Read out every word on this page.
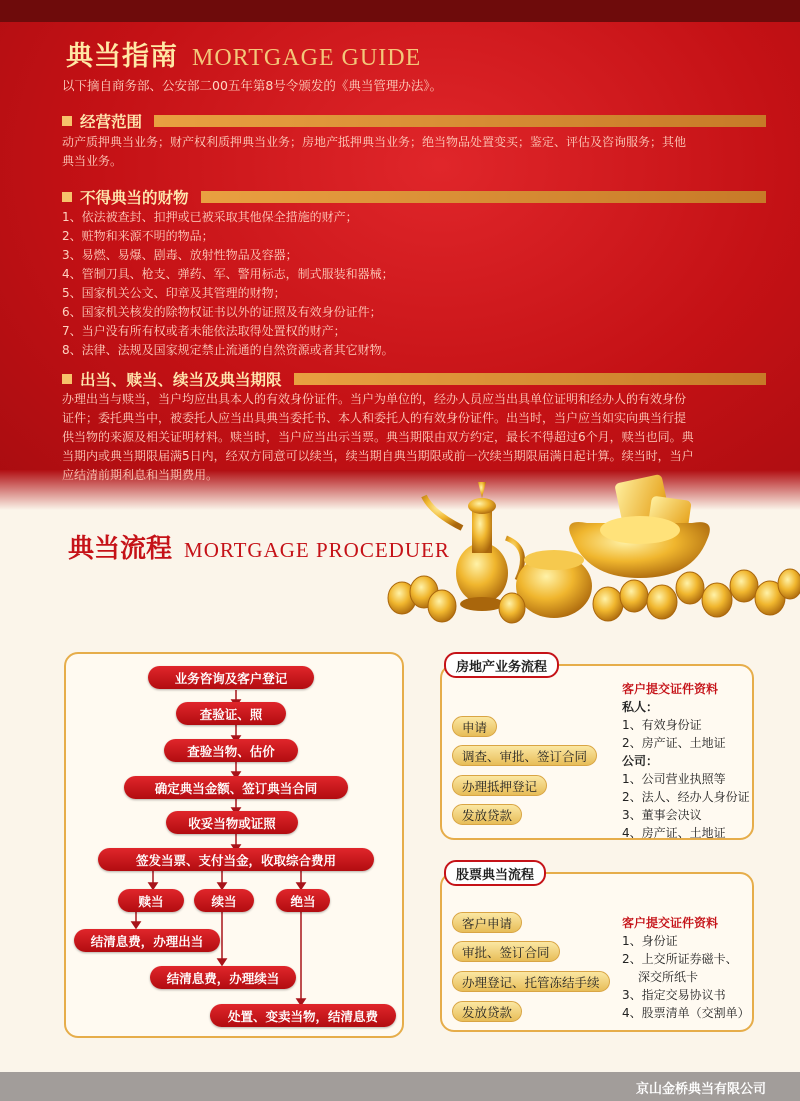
典当指南 MORTGAGE GUIDE
以下摘自商务部、公安部二00五年第8号令颁发的《典当管理办法》。
经营范围
动产质押典当业务；财产权利质押典当业务；房地产抵押典当业务；绝当物品处置变买；鉴定、评估及咨询服务；其他
典当业务。
不得典当的财物
1、依法被查封、扣押或已被采取其他保全措施的财产；
2、赃物和来源不明的物品；
3、易燃、易爆、剧毒、放射性物品及容器；
4、管制刀具、枪支、弹药、军、警用标志，制式服装和器械；
5、国家机关公文、印章及其管理的财物；
6、国家机关核发的除物权证书以外的证照及有效身份证件；
7、当户没有所有权或者未能依法取得处置权的财产；
8、法律、法规及国家规定禁止流通的自然资源或者其它财物。
出当、赎当、续当及典当期限
办理出当与赎当，当户均应出具本人的有效身份证件。当户为单位的，经办人员应当出具单位证明和经办人的有效身份
证件；委托典当中，被委托人应当出具典当委托书、本人和委托人的有效身份证件。出当时，当户应当如实向典当行提
供当物的来源及相关证明材料。赎当时，当户应当出示当票。典当期限由双方约定，最长不得超过6个月，赎当也同。典
当期内或典当期限届满5日内，经双方同意可以续当，续当期自典当期限或前一次续当期限届满日起计算。续当时，当户
应结清前期利息和当期费用。
典当流程 MORTGAGE PROCEDUER
业务咨询及客户登记
查验证、照
查验当物、估价
确定典当金额、签订典当合同
收妥当物或证照
签发当票、支付当金，收取综合费用
赎当	续当	绝当
结清息费，办理出当
结清息费，办理续当
处置、变卖当物，结清息费
房地产业务流程
申请
调查、审批、签订合同
办理抵押登记
发放贷款
客户提交证件资料
私人：
1、有效身份证
2、房产证、土地证
公司：
1、公司营业执照等
2、法人、经办人身份证
3、董事会决议
4、房产证、土地证
股票典当流程
客户申请
审批、签订合同
办理登记、托管冻结手续
发放贷款
客户提交证件资料
1、身份证
2、上交所证券磁卡、
深交所纸卡
3、指定交易协议书
4、股票清单（交割单）
京山金桥典当有限公司
